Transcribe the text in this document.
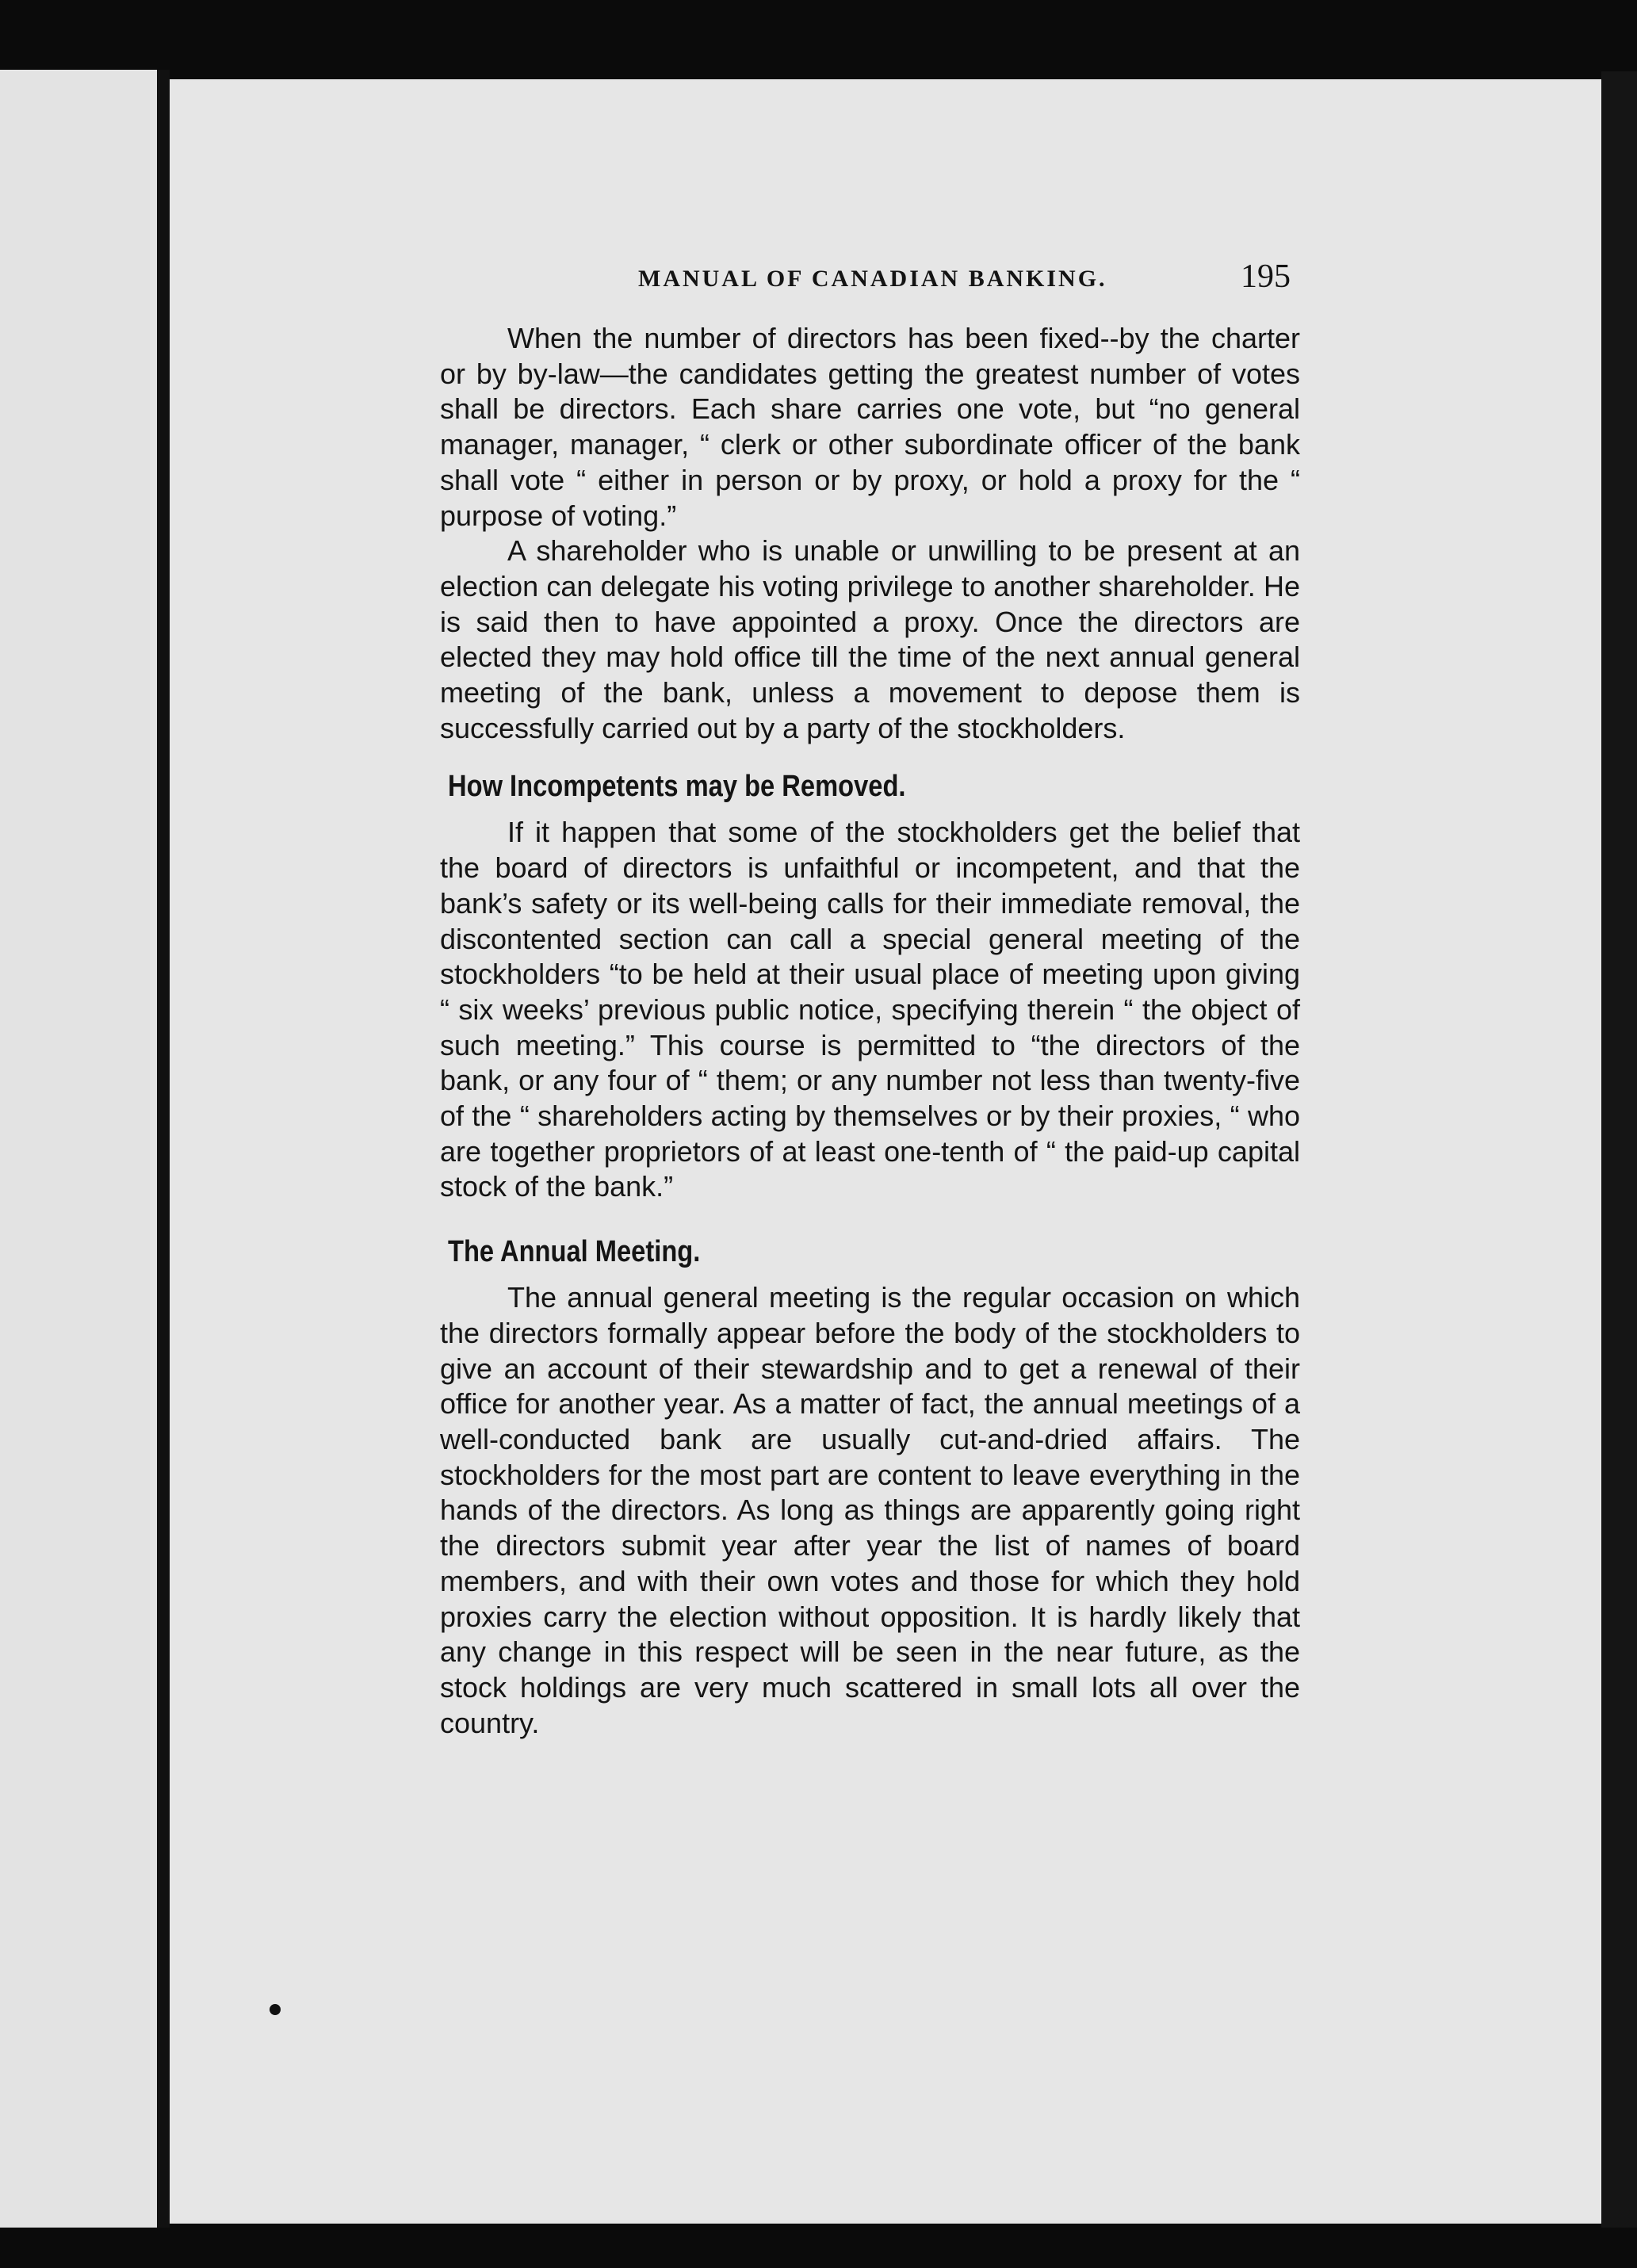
MANUAL OF CANADIAN BANKING.	195

When the number of directors has been fixed--by the charter or by by-law—the candidates getting the greatest number of votes shall be directors. Each share carries one vote, but “no general manager, manager, “ clerk or other subordinate officer of the bank shall vote “ either in person or by proxy, or hold a proxy for the “ purpose of voting.”

A shareholder who is unable or unwilling to be present at an election can delegate his voting privilege to another shareholder. He is said then to have appointed a proxy. Once the directors are elected they may hold office till the time of the next annual general meeting of the bank, unless a movement to depose them is successfully carried out by a party of the stockholders.

How Incompetents may be Removed.

If it happen that some of the stockholders get the belief that the board of directors is unfaithful or incompetent, and that the bank’s safety or its well-being calls for their immediate removal, the discontented section can call a special general meeting of the stockholders “to be held at their usual place of meeting upon giving “ six weeks’ previous public notice, specifying therein “ the object of such meeting.” This course is permitted to “the directors of the bank, or any four of “ them; or any number not less than twenty-five of the “ shareholders acting by themselves or by their proxies, “ who are together proprietors of at least one-tenth of “ the paid-up capital stock of the bank.”

The Annual Meeting.

The annual general meeting is the regular occasion on which the directors formally appear before the body of the stockholders to give an account of their stewardship and to get a renewal of their office for another year. As a matter of fact, the annual meetings of a well-conducted bank are usually cut-and-dried affairs. The stockholders for the most part are content to leave everything in the hands of the directors. As long as things are apparently going right the directors submit year after year the list of names of board members, and with their own votes and those for which they hold proxies carry the election without opposition. It is hardly likely that any change in this respect will be seen in the near future, as the stock holdings are very much scattered in small lots all over the country.
